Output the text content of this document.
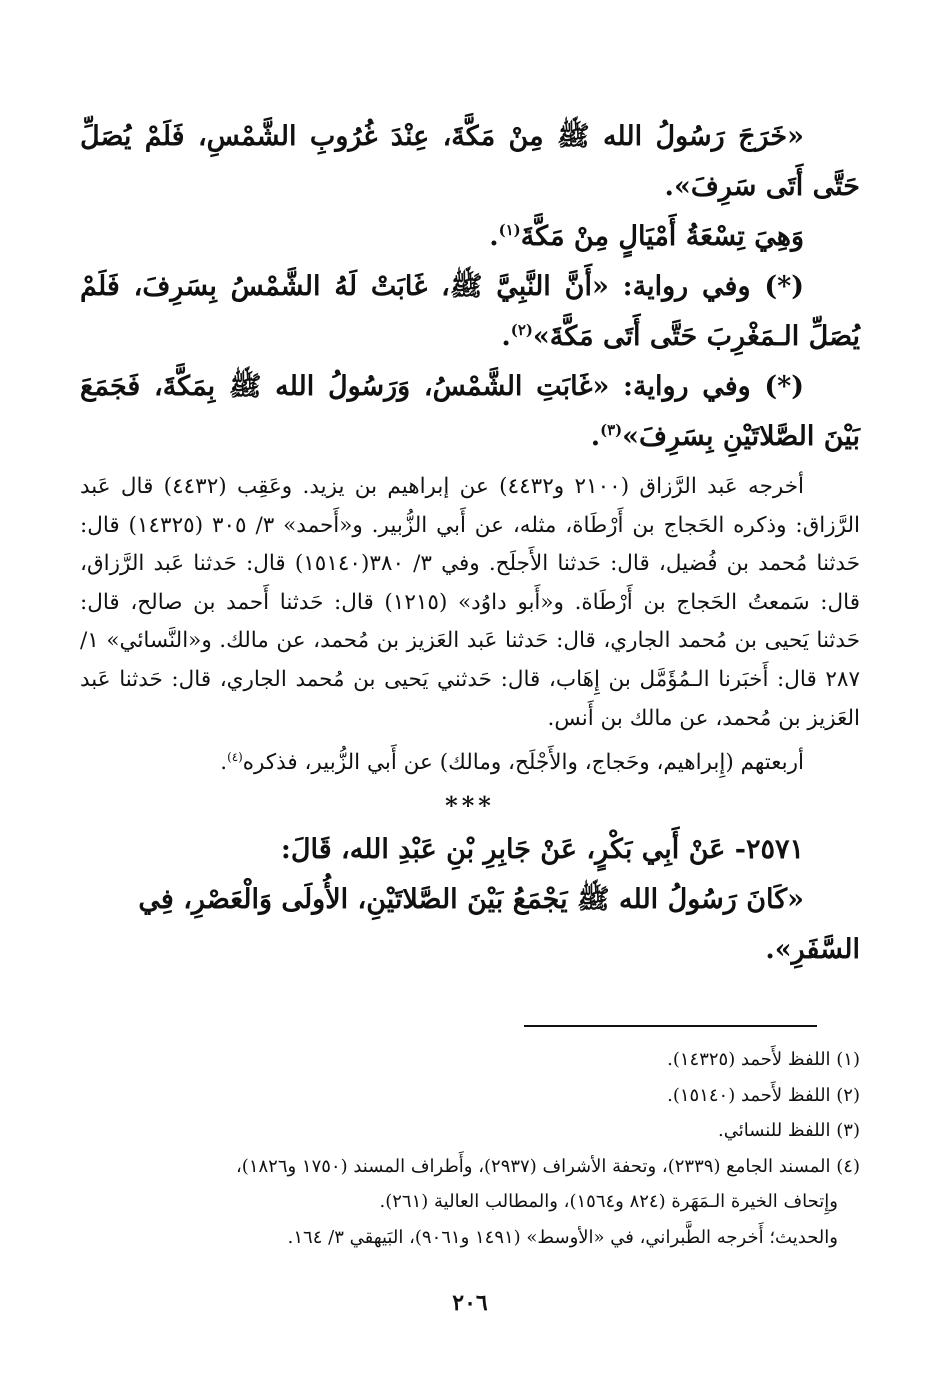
«خَرَجَ رَسُولُ الله ﷺ مِنْ مَكَّةَ، عِنْدَ غُرُوبِ الشَّمْسِ، فَلَمْ يُصَلِّ حَتَّى أَتَى سَرِفَ».

وَهِيَ تِسْعَةُ أَمْيَالٍ مِنْ مَكَّةَ$^{(١)}$.

(*) وفي رواية: «أَنَّ النَّبِيَّ ﷺ، غَابَتْ لَهُ الشَّمْسُ بِسَرِفَ، فَلَمْ يُصَلِّ الـمَغْرِبَ حَتَّى أَتَى مَكَّةَ»$^{(٢)}$.

(*) وفي رواية: «غَابَتِ الشَّمْسُ، وَرَسُولُ الله ﷺ بِمَكَّةَ، فَجَمَعَ بَيْنَ الصَّلاتَيْنِ بِسَرِفَ»$^{(٣)}$.

أخرجه عَبد الرَّزاق (٢١٠٠ و٤٤٣٢) عن إبراهيم بن يزيد. وعَقِب (٤٤٣٢) قال عَبد الرَّزاق: وذكره الحَجاج بن أَرْطَاة، مثله، عن أَبي الزُّبير. و«أَحمد» ٣/ ٣٠٥ (١٤٣٢٥) قال: حَدثنا مُحمد بن فُضيل، قال: حَدثنا الأَجلَح. وفي ٣/ ٣٨٠(١٥١٤٠) قال: حَدثنا عَبد الرَّزاق، قال: سَمعتُ الحَجاج بن أَرْطَاة. و«أَبو داوُد» (١٢١٥) قال: حَدثنا أَحمد بن صالح، قال: حَدثنا يَحيى بن مُحمد الجاري، قال: حَدثنا عَبد العَزيز بن مُحمد، عن مالك. و«النَّسائي» ١/ ٢٨٧ قال: أَخبَرنا الـمُؤَمَّل بن إِهَاب، قال: حَدثني يَحيى بن مُحمد الجاري، قال: حَدثنا عَبد العَزيز بن مُحمد، عن مالك بن أَنس.

أربعتهم (إِبراهيم، وحَجاج، والأَجْلَح، ومالك) عن أَبي الزُّبير، فذكره$^{(٤)}$.

***

٢٥٧١- عَنْ أَبِي بَكْرٍ، عَنْ جَابِرِ بْنِ عَبْدِ الله، قَالَ:

«كَانَ رَسُولُ الله ﷺ يَجْمَعُ بَيْنَ الصَّلاتَيْنِ، الأُولَى وَالْعَصْرِ، فِي السَّفَرِ».

(١) اللفظ لأَحمد (١٤٣٢٥).

(٢) اللفظ لأَحمد (١٥١٤٠).

(٣) اللفظ للنسائي.

(٤) المسند الجامع (٢٣٣٩)، وتحفة الأشراف (٢٩٣٧)، وأَطراف المسند (١٧٥٠ و١٨٢٦)،

وإِتحاف الخيرة الـمَهَرة (٨٢٤ و١٥٦٤)، والمطالب العالية (٢٦١).

والحديث؛ أَخرجه الطَّبراني، في «الأوسط» (١٤٩١ و٩٠٦١)، البَيهقي ٣/ ١٦٤.

٢٠٦
